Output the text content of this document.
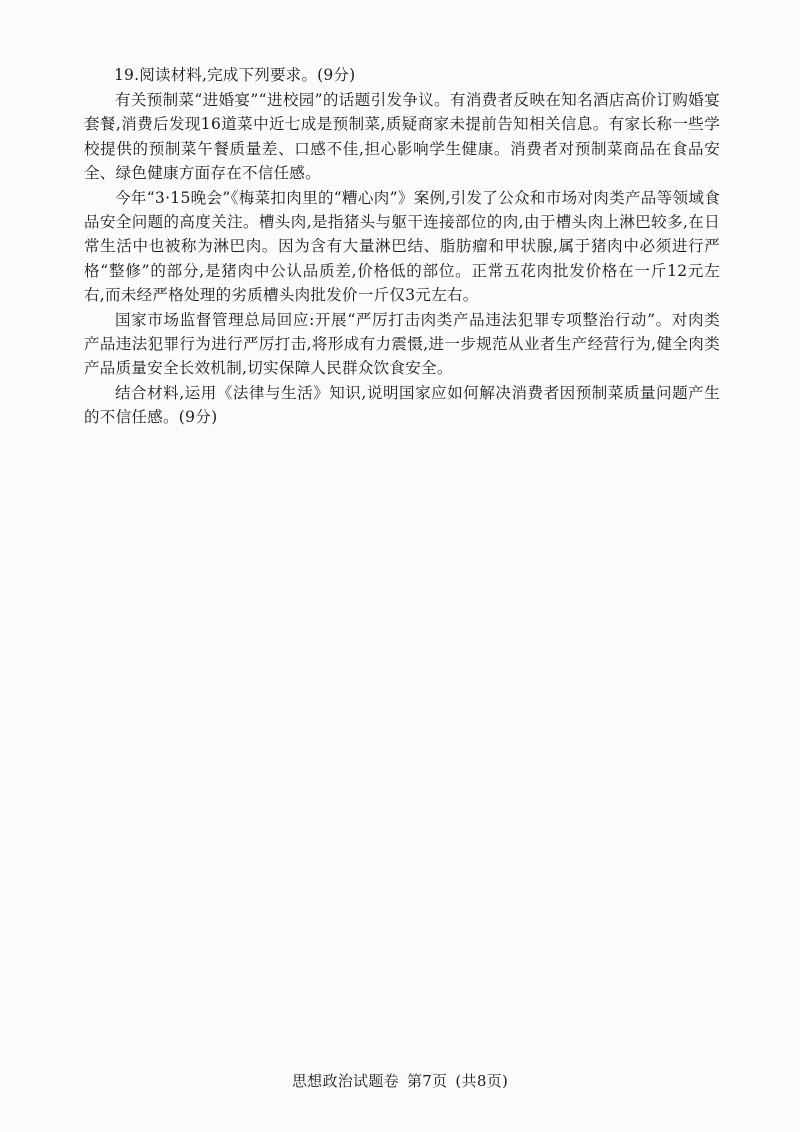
19.阅读材料,完成下列要求。(9分)

有关预制菜“进婚宴”“进校园”的话题引发争议。有消费者反映在知名酒店高价订购婚宴套餐,消费后发现16道菜中近七成是预制菜,质疑商家未提前告知相关信息。有家长称一些学校提供的预制菜午餐质量差、口感不佳,担心影响学生健康。消费者对预制菜商品在食品安全、绿色健康方面存在不信任感。

今年“3·15晚会”《梅菜扣肉里的“糟心肉”》案例,引发了公众和市场对肉类产品等领域食品安全问题的高度关注。槽头肉,是指猪头与躯干连接部位的肉,由于槽头肉上淋巴较多,在日常生活中也被称为淋巴肉。因为含有大量淋巴结、脂肪瘤和甲状腺,属于猪肉中必须进行严格“整修”的部分,是猪肉中公认品质差,价格低的部位。正常五花肉批发价格在一斤12元左右,而未经严格处理的劣质槽头肉批发价一斤仅3元左右。

国家市场监督管理总局回应:开展“严厉打击肉类产品违法犯罪专项整治行动”。对肉类产品违法犯罪行为进行严厉打击,将形成有力震慑,进一步规范从业者生产经营行为,健全肉类产品质量安全长效机制,切实保障人民群众饮食安全。

结合材料,运用《法律与生活》知识,说明国家应如何解决消费者因预制菜质量问题产生的不信任感。(9分)

思想政治试题卷 第7页 (共8页)
